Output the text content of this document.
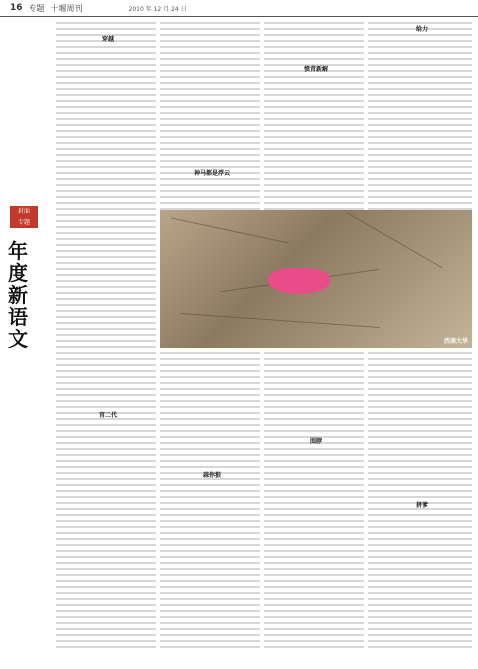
16 专题 十堰周刊	2010 年 12 月 24 日
封面
专题
年度新语文	西南大旱
穿越
神马都是浮云
愤青新解
给力
官二代
蒜你狠
围脖
拼爹
